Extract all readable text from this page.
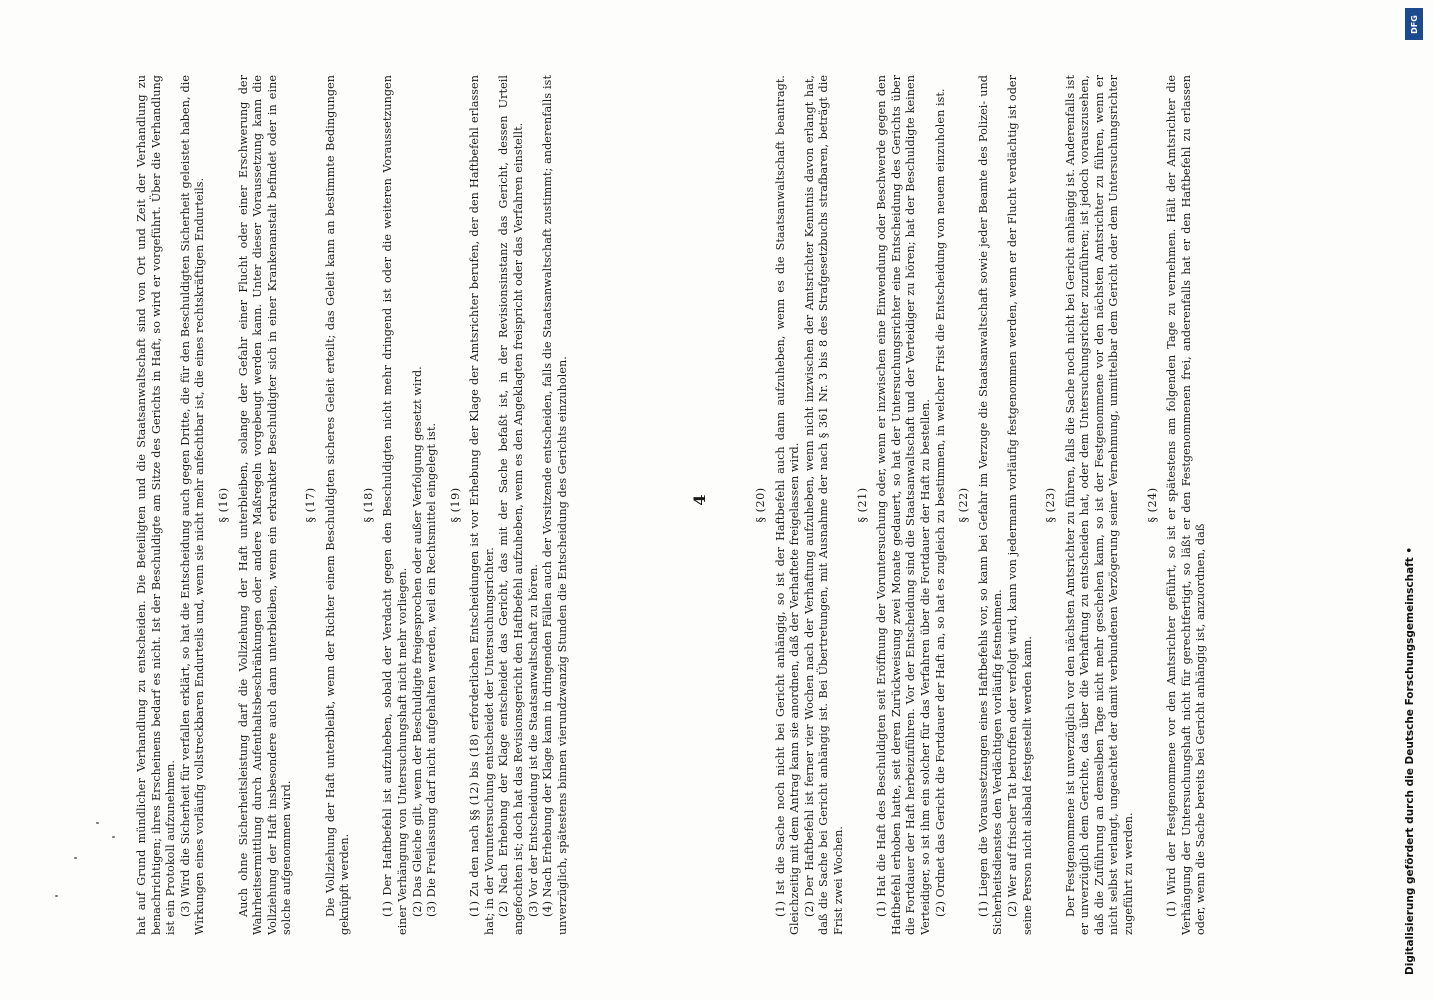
hat auf Grund mündlicher Verhandlung zu entscheiden. Die Beteiligten und die Staatsanwaltschaft sind von Ort und Zeit der Verhandlung zu benachrichtigen; ihres Erscheinens bedarf es nicht. Ist der Beschuldigte am Sitze des Gerichts in Haft, so wird er vorgeführt. Über die Verhandlung ist ein Protokoll aufzunehmen. (3) Wird die Sicherheit für verfallen erklärt, so hat die Entscheidung auch gegen Dritte, die für den Beschuldigten Sicherheit geleistet haben, die Wirkungen eines vorläufig vollstreckbaren Endurteils und, wenn sie nicht mehr anfechtbar ist, die eines rechtskräftigen Endurteils. § (16) Auch ohne Sicherheitsleistung darf die Vollziehung der Haft unterbleiben, solange der Gefahr einer Flucht oder einer Erschwerung der Wahrheitsermittlung durch Aufenthaltsbeschränkungen oder andere Maßregeln vorgebeugt werden kann. Unter dieser Voraussetzung kann die Vollziehung der Haft insbesondere auch dann unterbleiben, wenn ein erkrankter Beschuldigter sich in einer Krankenanstalt befindet oder in eine solche aufgenommen wird.

§ (17) Die Vollziehung der Haft unterbleibt, wenn der Richter einem Beschuldigten sicheres Geleit erteilt; das Geleit kann an bestimmte Bedingungen geknüpft werden.

§ (18) (1) Der Haftbefehl ist aufzuheben, sobald der Verdacht gegen den Beschuldigten nicht mehr dringend ist oder die weiteren Voraussetzungen einer Verhängung von Untersuchungshaft nicht mehr vorliegen. (2) Das Gleiche gilt, wenn der Beschuldigte freigesprochen oder außer Verfolgung gesetzt wird. (3) Die Freilassung darf nicht aufgehalten werden, weil ein Rechtsmittel eingelegt ist. § (19) (1) Zu den nach §§ (12) bis (18) erforderlichen Entscheidungen ist vor Erhebung der Klage der Amtsrichter berufen, der den Haftbefehl erlassen hat; in der Voruntersuchung entscheidet der Untersuchungsrichter. (2) Nach Erhebung der Klage entscheidet das Gericht, das mit der Sache befaßt ist, in der Revisionsinstanz das Gericht, dessen Urteil angefochten ist; doch hat das Revisionsgericht den Haftbefehl aufzuheben, wenn es den Angeklagten freispricht oder das Verfahren einstellt. (3) Vor der Entscheidung ist die Staatsanwaltschaft zu hören. (4) Nach Erhebung der Klage kann in dringenden Fällen auch der Vorsitzende entscheiden, falls die Staatsanwaltschaft zustimmt; anderenfalls ist unverzüglich, spätestens binnen vierundzwanzig Stunden die Entscheidung des Gerichts einzuholen.	4	§ (20) (1) Ist die Sache noch nicht bei Gericht anhängig, so ist der Haftbefehl auch dann aufzuheben, wenn es die Staatsanwaltschaft beantragt. Gleichzeitig mit dem Antrag kann sie anordnen, daß der Verhaftete freigelassen wird. (2) Der Haftbefehl ist ferner vier Wochen nach der Verhaftung aufzuheben, wenn nicht inzwischen der Amtsrichter Kenntnis davon erlangt hat, daß die Sache bei Gericht anhängig ist. Bei Übertretungen, mit Ausnahme der nach § 361 Nr. 3 bis 8 des Strafgesetzbuchs strafbaren, beträgt die Frist zwei Wochen.

§ (21) (1) Hat die Haft des Beschuldigten seit Eröffnung der Voruntersuchung oder, wenn er inzwischen eine Einwendung oder Beschwerde gegen den Haftbefehl erhoben hatte, seit deren Zurückweisung zwei Monate gedauert, so hat der Untersuchungsrichter eine Entscheidung des Gerichts über die Fortdauer der Haft herbeizuführen. Vor der Entscheidung sind die Staatsanwaltschaft und der Verteidiger zu hören; hat der Beschuldigte keinen Verteidiger, so ist ihm ein solcher für das Verfahren über die Fortdauer der Haft zu bestellen. (2) Ordnet das Gericht die Fortdauer der Haft an, so hat es zugleich zu bestimmen, in welcher Frist die Entscheidung von neuem einzuholen ist. § (22) (1) Liegen die Voraussetzungen eines Haftbefehls vor, so kann bei Gefahr im Verzuge die Staatsanwaltschaft sowie jeder Beamte des Polizei- und Sicherheitsdienstes den Verdächtigen vorläufig festnehmen. (2) Wer auf frischer Tat betroffen oder verfolgt wird, kann von jedermann vorläufig festgenommen werden, wenn er der Flucht verdächtig ist oder seine Person nicht alsbald festgestellt werden kann.

§ (23) Der Festgenommene ist unverzüglich vor den nächsten Amtsrichter zu führen, falls die Sache noch nicht bei Gericht anhängig ist. Anderenfalls ist er unverzüglich dem Gerichte, das über die Verhaftung zu entscheiden hat, oder dem Untersuchungsrichter zuzuführen; ist jedoch vorauszusehen, daß die Zuführung an demselben Tage nicht mehr geschehen kann, so ist der Festgenommene vor den nächsten Amtsrichter zu führen, wenn er nicht selbst verlangt, ungeachtet der damit verbundenen Verzögerung seiner Vernehmung, unmittelbar dem Gericht oder dem Untersuchungsrichter zugeführt zu werden.

§ (24) (1) Wird der Festgenommene vor den Amtsrichter geführt, so ist er spätestens am folgenden Tage zu vernehmen. Hält der Amtsrichter die Verhängung der Untersuchungshaft nicht für gerechtfertigt, so läßt er den Festgenommenen frei, anderenfalls hat er den Haftbefehl zu erlassen oder, wenn die Sache bereits bei Gericht anhängig ist, anzuordnen, daß

DFG
Digitalisierung gefördert durch die Deutsche Forschungsgemeinschaft •
